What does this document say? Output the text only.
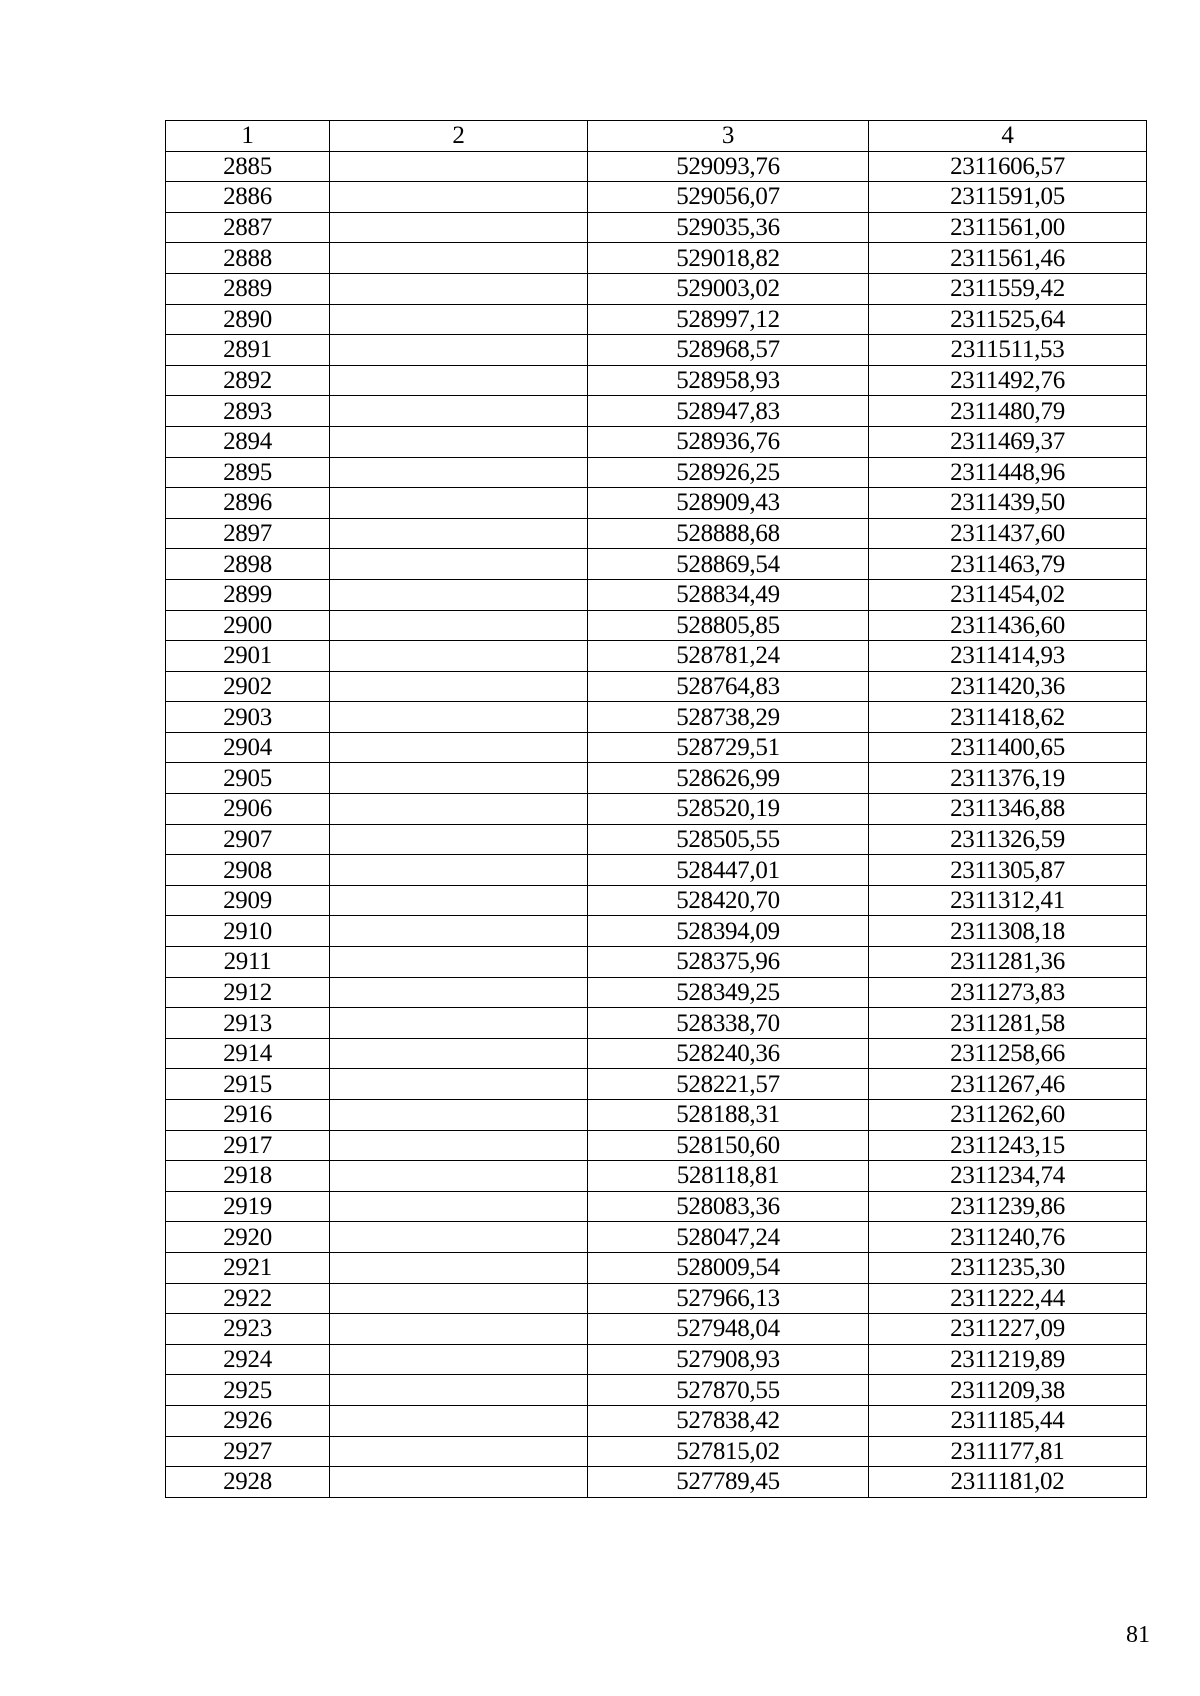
1	2	3	4
2885		529093,76	2311606,57
2886		529056,07	2311591,05
2887		529035,36	2311561,00
2888		529018,82	2311561,46
2889		529003,02	2311559,42
2890		528997,12	2311525,64
2891		528968,57	2311511,53
2892		528958,93	2311492,76
2893		528947,83	2311480,79
2894		528936,76	2311469,37
2895		528926,25	2311448,96
2896		528909,43	2311439,50
2897		528888,68	2311437,60
2898		528869,54	2311463,79
2899		528834,49	2311454,02
2900		528805,85	2311436,60
2901		528781,24	2311414,93
2902		528764,83	2311420,36
2903		528738,29	2311418,62
2904		528729,51	2311400,65
2905		528626,99	2311376,19
2906		528520,19	2311346,88
2907		528505,55	2311326,59
2908		528447,01	2311305,87
2909		528420,70	2311312,41
2910		528394,09	2311308,18
2911		528375,96	2311281,36
2912		528349,25	2311273,83
2913		528338,70	2311281,58
2914		528240,36	2311258,66
2915		528221,57	2311267,46
2916		528188,31	2311262,60
2917		528150,60	2311243,15
2918		528118,81	2311234,74
2919		528083,36	2311239,86
2920		528047,24	2311240,76
2921		528009,54	2311235,30
2922		527966,13	2311222,44
2923		527948,04	2311227,09
2924		527908,93	2311219,89
2925		527870,55	2311209,38
2926		527838,42	2311185,44
2927		527815,02	2311177,81
2928		527789,45	2311181,02
81
